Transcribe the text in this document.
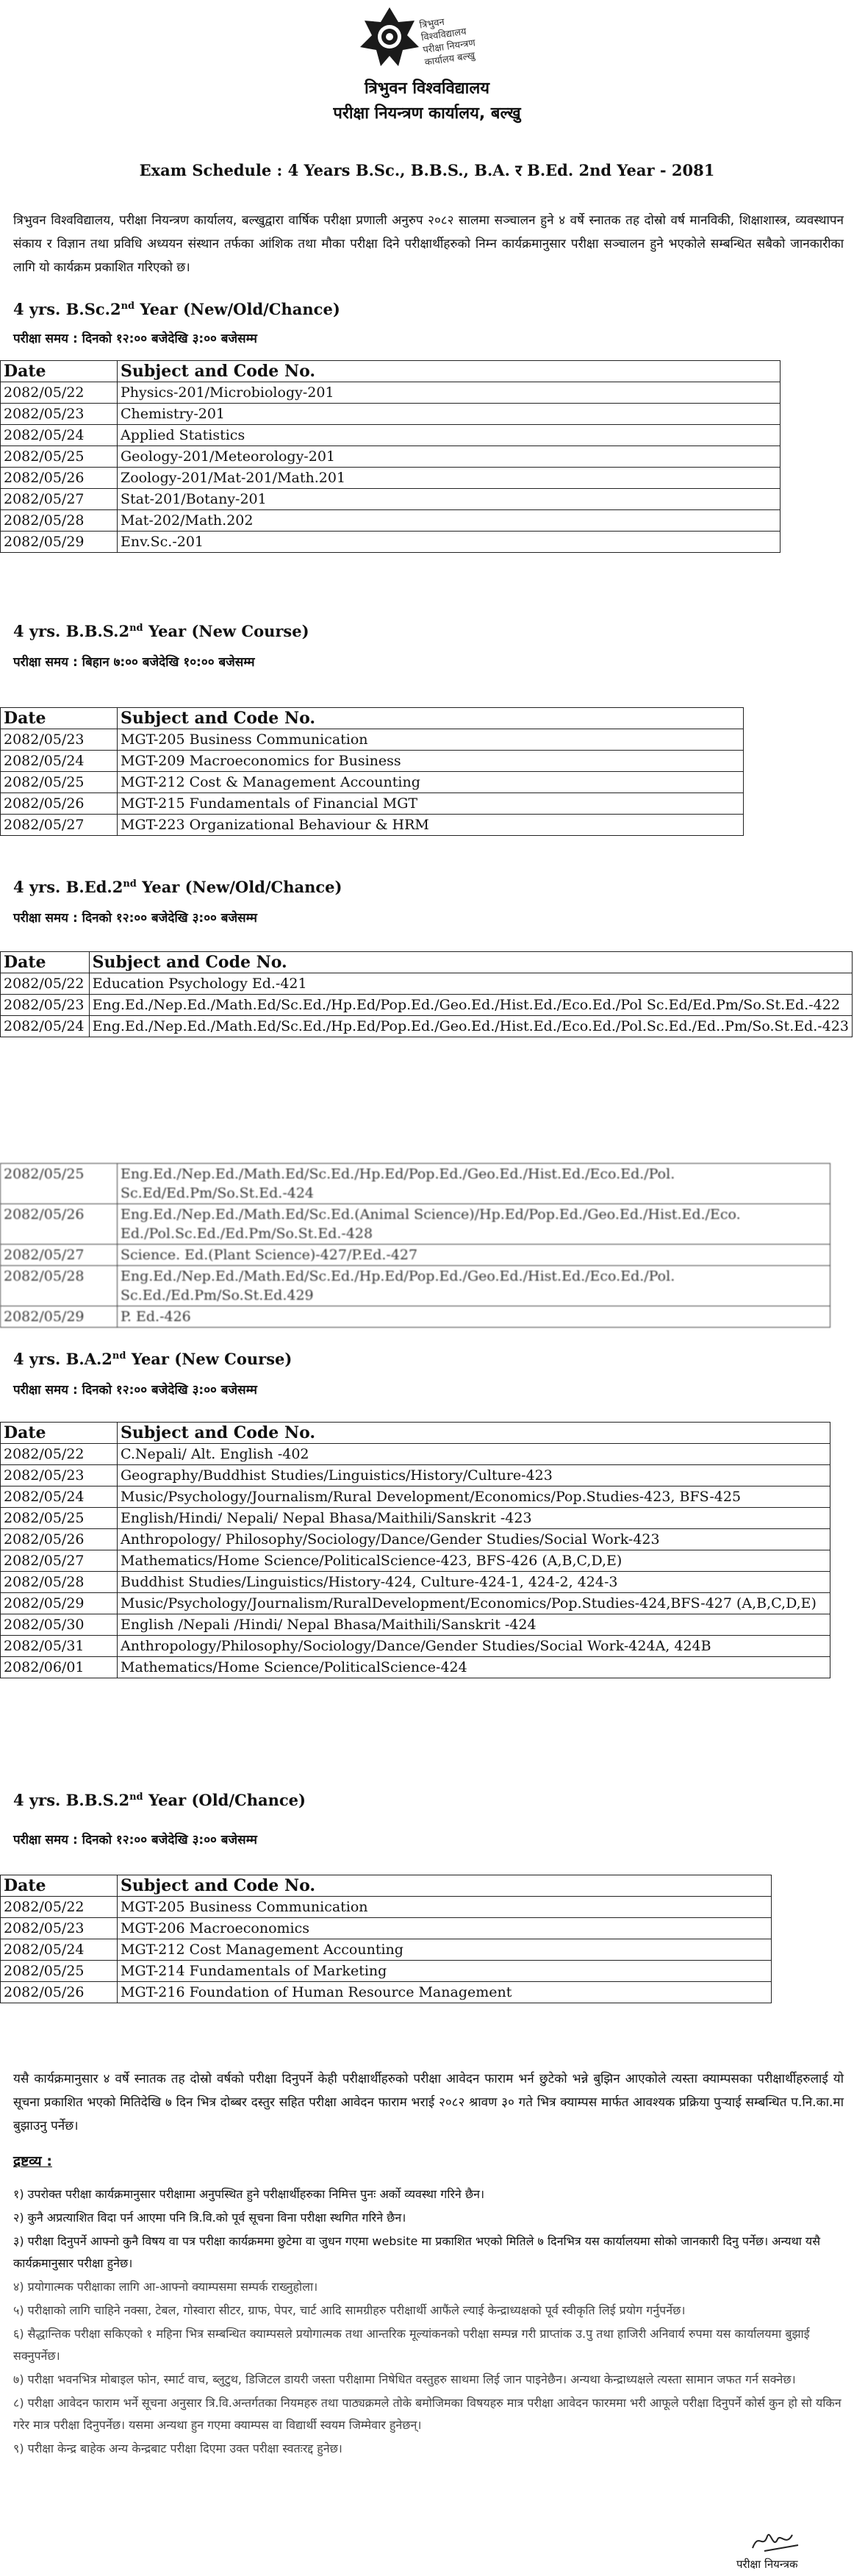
त्रिभुवन विश्वविद्यालय परीक्षा नियन्त्रण कार्यालय बल्खु
त्रिभुवन विश्वविद्यालय
परीक्षा नियन्त्रण कार्यालय, बल्खु
Exam Schedule : 4 Years B.Sc., B.B.S., B.A. र B.Ed. 2nd Year - 2081
त्रिभुवन विश्वविद्यालय, परीक्षा नियन्त्रण कार्यालय, बल्खुद्वारा वार्षिक परीक्षा प्रणाली अनुरुप २०८२ सालमा सञ्चालन हुने ४ वर्षे स्नातक तह दोस्रो वर्ष मानविकी, शिक्षाशास्त्र, व्यवस्थापन संकाय र विज्ञान तथा प्रविधि अध्ययन संस्थान तर्फका आंशिक तथा मौका परीक्षा दिने परीक्षार्थीहरुको निम्न कार्यक्रमानुसार परीक्षा सञ्चालन हुने भएकोले सम्बन्धित सबैको जानकारीका लागि यो कार्यक्रम प्रकाशित गरिएको छ।
4 yrs. B.Sc.2nd Year (New/Old/Chance)
परीक्षा समय : दिनको १२:०० बजेदेखि ३:०० बजेसम्म
Date	Subject and Code No.
2082/05/22	Physics-201/Microbiology-201
2082/05/23	Chemistry-201
2082/05/24	Applied Statistics
2082/05/25	Geology-201/Meteorology-201
2082/05/26	Zoology-201/Mat-201/Math.201
2082/05/27	Stat-201/Botany-201
2082/05/28	Mat-202/Math.202
2082/05/29	Env.Sc.-201
4 yrs. B.B.S.2nd Year (New Course)
परीक्षा समय : बिहान ७:०० बजेदेखि १०:०० बजेसम्म
Date	Subject and Code No.
2082/05/23	MGT-205 Business Communication
2082/05/24	MGT-209 Macroeconomics for Business
2082/05/25	MGT-212 Cost & Management Accounting
2082/05/26	MGT-215 Fundamentals of Financial MGT
2082/05/27	MGT-223 Organizational Behaviour & HRM
4 yrs. B.Ed.2nd Year (New/Old/Chance)
परीक्षा समय : दिनको १२:०० बजेदेखि ३:०० बजेसम्म
Date	Subject and Code No.
2082/05/22	Education Psychology Ed.-421
2082/05/23	Eng.Ed./Nep.Ed./Math.Ed/Sc.Ed./Hp.Ed/Pop.Ed./Geo.Ed./Hist.Ed./Eco.Ed./Pol Sc.Ed/Ed.Pm/So.St.Ed.-422
2082/05/24	Eng.Ed./Nep.Ed./Math.Ed/Sc.Ed./Hp.Ed/Pop.Ed./Geo.Ed./Hist.Ed./Eco.Ed./Pol.Sc.Ed./Ed..Pm/So.St.Ed.-423
2082/05/25	Eng.Ed./Nep.Ed./Math.Ed/Sc.Ed./Hp.Ed/Pop.Ed./Geo.Ed./Hist.Ed./Eco.Ed./Pol. Sc.Ed/Ed.Pm/So.St.Ed.-424
2082/05/26	Eng.Ed./Nep.Ed./Math.Ed/Sc.Ed.(Animal Science)/Hp.Ed/Pop.Ed./Geo.Ed./Hist.Ed./Eco. Ed./Pol.Sc.Ed./Ed.Pm/So.St.Ed.-428
2082/05/27	Science. Ed.(Plant Science)-427/P.Ed.-427
2082/05/28	Eng.Ed./Nep.Ed./Math.Ed/Sc.Ed./Hp.Ed/Pop.Ed./Geo.Ed./Hist.Ed./Eco.Ed./Pol. Sc.Ed./Ed.Pm/So.St.Ed.429
2082/05/29	P. Ed.-426
4 yrs. B.A.2nd Year (New Course)
परीक्षा समय : दिनको १२:०० बजेदेखि ३:०० बजेसम्म
Date	Subject and Code No.
2082/05/22	C.Nepali/ Alt. English -402
2082/05/23	Geography/Buddhist Studies/Linguistics/History/Culture-423
2082/05/24	Music/Psychology/Journalism/Rural Development/Economics/Pop.Studies-423, BFS-425
2082/05/25	English/Hindi/ Nepali/ Nepal Bhasa/Maithili/Sanskrit -423
2082/05/26	Anthropology/ Philosophy/Sociology/Dance/Gender Studies/Social Work-423
2082/05/27	Mathematics/Home Science/PoliticalScience-423, BFS-426 (A,B,C,D,E)
2082/05/28	Buddhist Studies/Linguistics/History-424, Culture-424-1, 424-2, 424-3
2082/05/29	Music/Psychology/Journalism/RuralDevelopment/Economics/Pop.Studies-424,BFS-427 (A,B,C,D,E)
2082/05/30	English /Nepali /Hindi/ Nepal Bhasa/Maithili/Sanskrit -424
2082/05/31	Anthropology/Philosophy/Sociology/Dance/Gender Studies/Social Work-424A, 424B
2082/06/01	Mathematics/Home Science/PoliticalScience-424
4 yrs. B.B.S.2nd Year (Old/Chance)
परीक्षा समय : दिनको १२:०० बजेदेखि ३:०० बजेसम्म
Date	Subject and Code No.
2082/05/22	MGT-205 Business Communication
2082/05/23	MGT-206 Macroeconomics
2082/05/24	MGT-212 Cost Management Accounting
2082/05/25	MGT-214 Fundamentals of Marketing
2082/05/26	MGT-216 Foundation of Human Resource Management
यसै कार्यक्रमानुसार ४ वर्षे स्नातक तह दोस्रो वर्षको परीक्षा दिनुपर्ने केही परीक्षार्थीहरुको परीक्षा आवेदन फाराम भर्न छुटेको भन्ने बुझिन आएकोले त्यस्ता क्याम्पसका परीक्षार्थीहरुलाई यो सूचना प्रकाशित भएको मितिदेखि ७ दिन भित्र दोब्बर दस्तुर सहित परीक्षा आवेदन फाराम भराई २०८२ श्रावण ३० गते भित्र क्याम्पस मार्फत आवश्यक प्रक्रिया पुऱ्याई सम्बन्धित प.नि.का.मा बुझाउनु पर्नेछ।
द्रष्टव्य :
१) उपरोक्त परीक्षा कार्यक्रमानुसार परीक्षामा अनुपस्थित हुने परीक्षार्थीहरुका निमित्त पुनः अर्को व्यवस्था गरिने छैन।
२) कुनै अप्रत्याशित विदा पर्न आएमा पनि त्रि.वि.को पूर्व सूचना विना परीक्षा स्थगित गरिने छैन।
३) परीक्षा दिनुपर्ने आफ्नो कुनै विषय वा पत्र परीक्षा कार्यक्रममा छुटेमा वा जुधन गएमा website मा प्रकाशित भएको मितिले ७ दिनभित्र यस कार्यालयमा सोको जानकारी दिनु पर्नेछ। अन्यथा यसै कार्यक्रमानुसार परीक्षा हुनेछ।
४) प्रयोगात्मक परीक्षाका लागि आ-आफ्नो क्याम्पसमा सम्पर्क राख्नुहोला।
५) परीक्षाको लागि चाहिने नक्सा, टेबल, गोस्वारा सीटर, ग्राफ, पेपर, चार्ट आदि सामग्रीहरु परीक्षार्थी आफैंले ल्याई केन्द्राध्यक्षको पूर्व स्वीकृति लिई प्रयोग गर्नुपर्नेछ।
६) सैद्धान्तिक परीक्षा सकिएको १ महिना भित्र सम्बन्धित क्याम्पसले प्रयोगात्मक तथा आन्तरिक मूल्यांकनको परीक्षा सम्पन्न गरी प्राप्तांक उ.पु तथा हाजिरी अनिवार्य रुपमा यस कार्यालयमा बुझाई सक्नुपर्नेछ।
७) परीक्षा भवनभित्र मोबाइल फोन, स्मार्ट वाच, ब्लुटुथ, डिजिटल डायरी जस्ता परीक्षामा निषेधित वस्तुहरु साथमा लिई जान पाइनेछैन। अन्यथा केन्द्राध्यक्षले त्यस्ता सामान जफत गर्न सक्नेछ।
८) परीक्षा आवेदन फाराम भर्ने सूचना अनुसार त्रि.वि.अन्तर्गतका नियमहरु तथा पाठ्यक्रमले तोके बमोजिमका विषयहरु मात्र परीक्षा आवेदन फारममा भरी आफूले परीक्षा दिनुपर्ने कोर्स कुन हो सो यकिन गरेर मात्र परीक्षा दिनुपर्नेछ। यसमा अन्यथा हुन गएमा क्याम्पस वा विद्यार्थी स्वयम जिम्मेवार हुनेछन्।
९) परीक्षा केन्द्र बाहेक अन्य केन्द्रबाट परीक्षा दिएमा उक्त परीक्षा स्वतःरद्द हुनेछ।
परीक्षा नियन्त्रक
